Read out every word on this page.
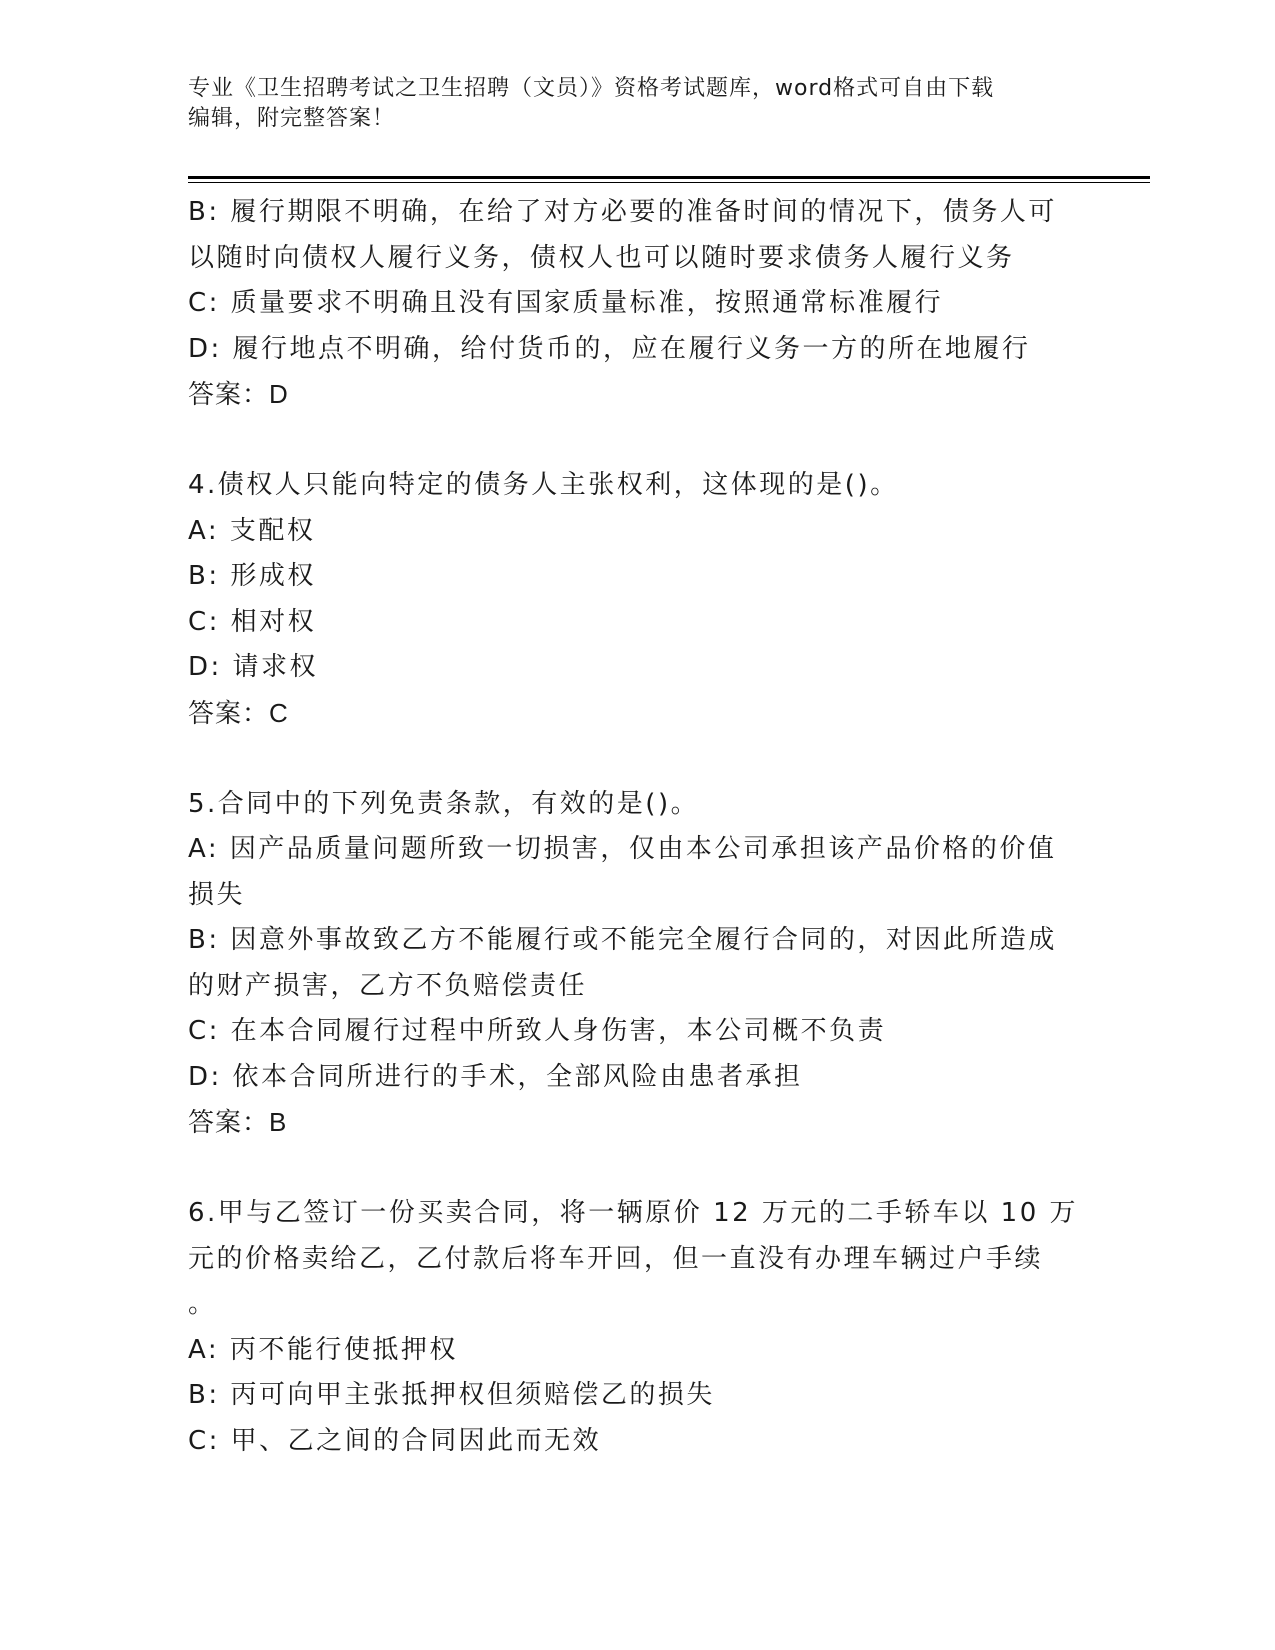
专业《卫生招聘考试之卫生招聘（文员）》资格考试题库，word格式可自由下载
编辑，附完整答案！
B: 履行期限不明确，在给了对方必要的准备时间的情况下，债务人可
以随时向债权人履行义务，债权人也可以随时要求债务人履行义务
C: 质量要求不明确且没有国家质量标准，按照通常标准履行
D: 履行地点不明确，给付货币的，应在履行义务一方的所在地履行
答案：D
4.债权人只能向特定的债务人主张权利，这体现的是()。
A: 支配权
B: 形成权
C: 相对权
D: 请求权
答案：C
5.合同中的下列免责条款，有效的是()。
A: 因产品质量问题所致一切损害，仅由本公司承担该产品价格的价值
损失
B: 因意外事故致乙方不能履行或不能完全履行合同的，对因此所造成
的财产损害，乙方不负赔偿责任
C: 在本合同履行过程中所致人身伤害，本公司概不负责
D: 依本合同所进行的手术，全部风险由患者承担
答案：B
6.甲与乙签订一份买卖合同，将一辆原价 12 万元的二手轿车以 10 万
元的价格卖给乙，乙付款后将车开回，但一直没有办理车辆过户手续
。
A: 丙不能行使抵押权
B: 丙可向甲主张抵押权但须赔偿乙的损失
C: 甲、乙之间的合同因此而无效
